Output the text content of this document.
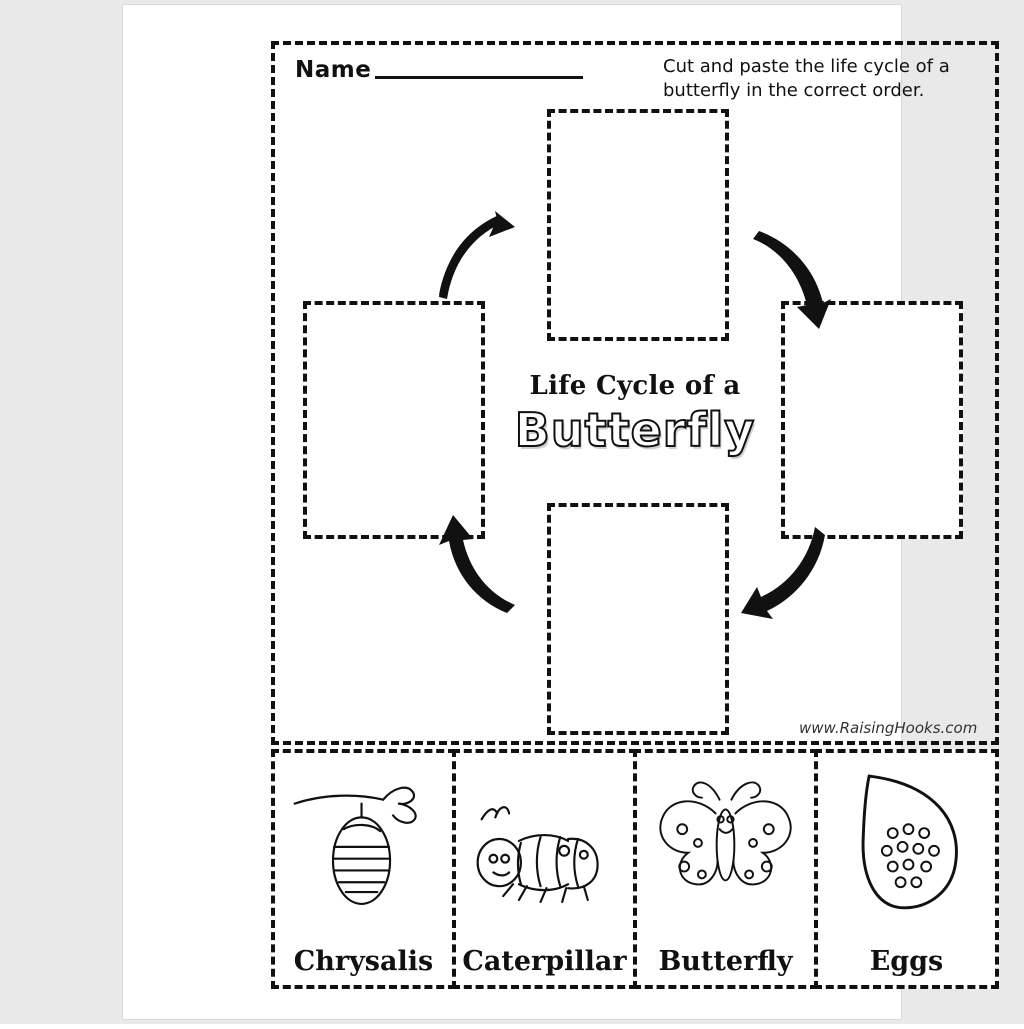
Name	Cut and paste the life cycle of a butterfly in the correct order.
Life Cycle of a
Butterfly
www.RaisingHooks.com
Chrysalis Caterpillar Butterfly	Eggs
